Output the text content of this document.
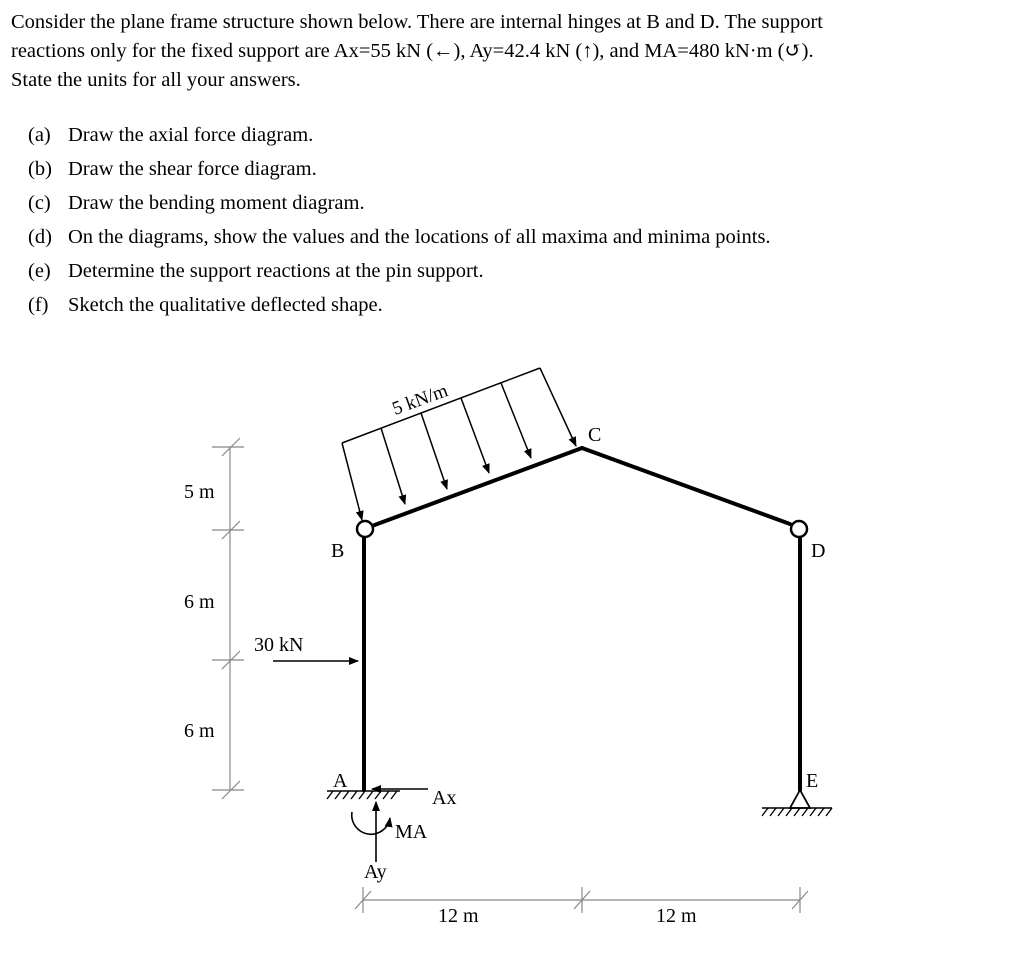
Consider the plane frame structure shown below. There are internal hinges at B and D. The support
reactions only for the fixed support are Ax=55 kN (←), Ay=42.4 kN (↑), and MA=480 kN·m (↺).
State the units for all your answers.
(a) Draw the axial force diagram.
(b) Draw the shear force diagram.
(c) Draw the bending moment diagram.
(d) On the diagrams, show the values and the locations of all maxima and minima points.
(e) Determine the support reactions at the pin support.
(f) Sketch the qualitative deflected shape.
5 m
6 m
6 m
12 m	12 m
5 kN/m
30 kN
B
C
D
A	E
Ax
Ay
MA
